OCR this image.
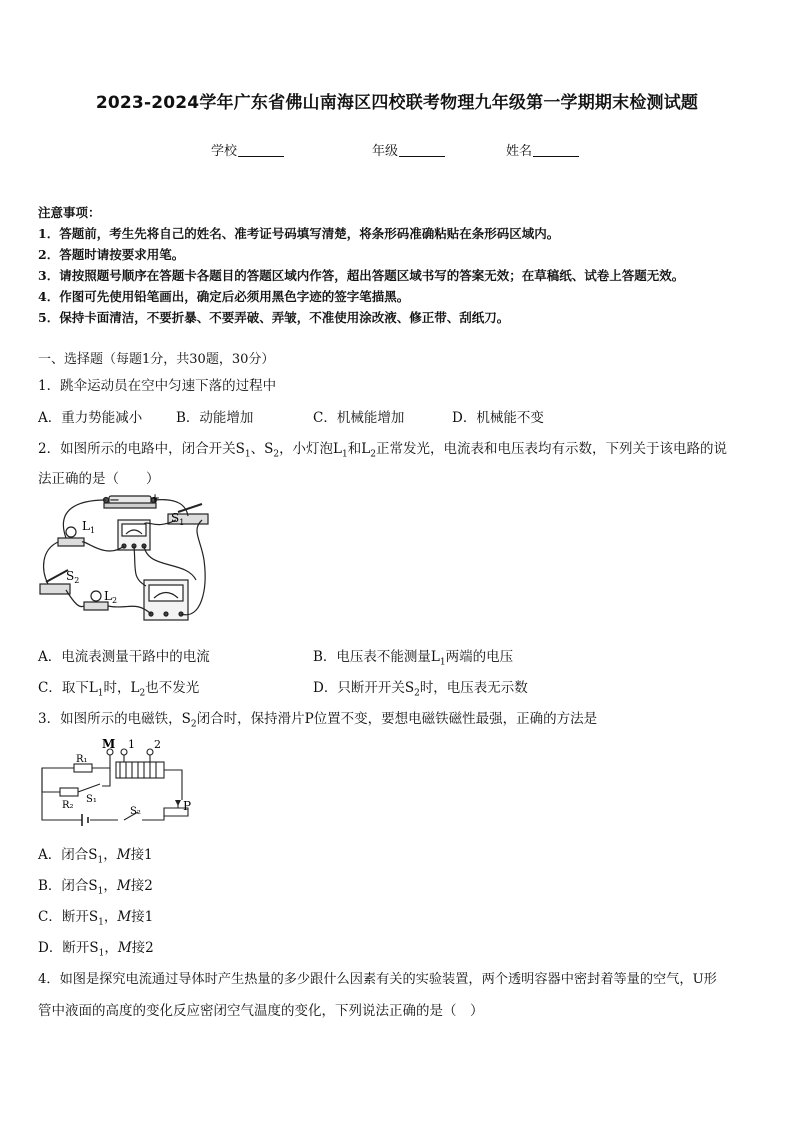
2023-2024学年广东省佛山南海区四校联考物理九年级第一学期期末检测试题
学校	年级	姓名
注意事项：
1．答题前，考生先将自己的姓名、准考证号码填写清楚，将条形码准确粘贴在条形码区域内。
2．答题时请按要求用笔。
3．请按照题号顺序在答题卡各题目的答题区域内作答，超出答题区域书写的答案无效；在草稿纸、试卷上答题无效。
4．作图可先使用铅笔画出，确定后必须用黑色字迹的签字笔描黑。
5．保持卡面清洁，不要折暴、不要弄破、弄皱，不准使用涂改液、修正带、刮纸刀。
一、选择题（每题1分，共30题，30分）
1．跳伞运动员在空中匀速下落的过程中
A．重力势能减小	B．动能增加	C．机械能增加	D．机械能不变
2．如图所示的电路中，闭合开关$S_1$、$S_2$，小灯泡$L_1$和$L_2$正常发光，电流表和电压表均有示数，下列关于该电路的说
法正确的是（　　）
−	+
$L_1$
$S_1$
$S_2$
$L_2$
A．电流表测量干路中的电流	B．电压表不能测量$L_1$两端的电压
C．取下$L_1$时，$L_2$也不发光	D．只断开开关$S_2$时，电压表无示数
3．如图所示的电磁铁，$S_2$闭合时，保持滑片P位置不变，要想电磁铁磁性最强，正确的方法是
M 1 2
R₁
R₂
S₁
S₂	P
A．闭合$S_1$，M接1
B．闭合$S_1$，M接2
C．断开$S_1$，M接1
D．断开$S_1$，M接2
4．如图是探究电流通过导体时产生热量的多少跟什么因素有关的实验装置，两个透明容器中密封着等量的空气，U形
管中液面的高度的变化反应密闭空气温度的变化，下列说法正确的是（　）
